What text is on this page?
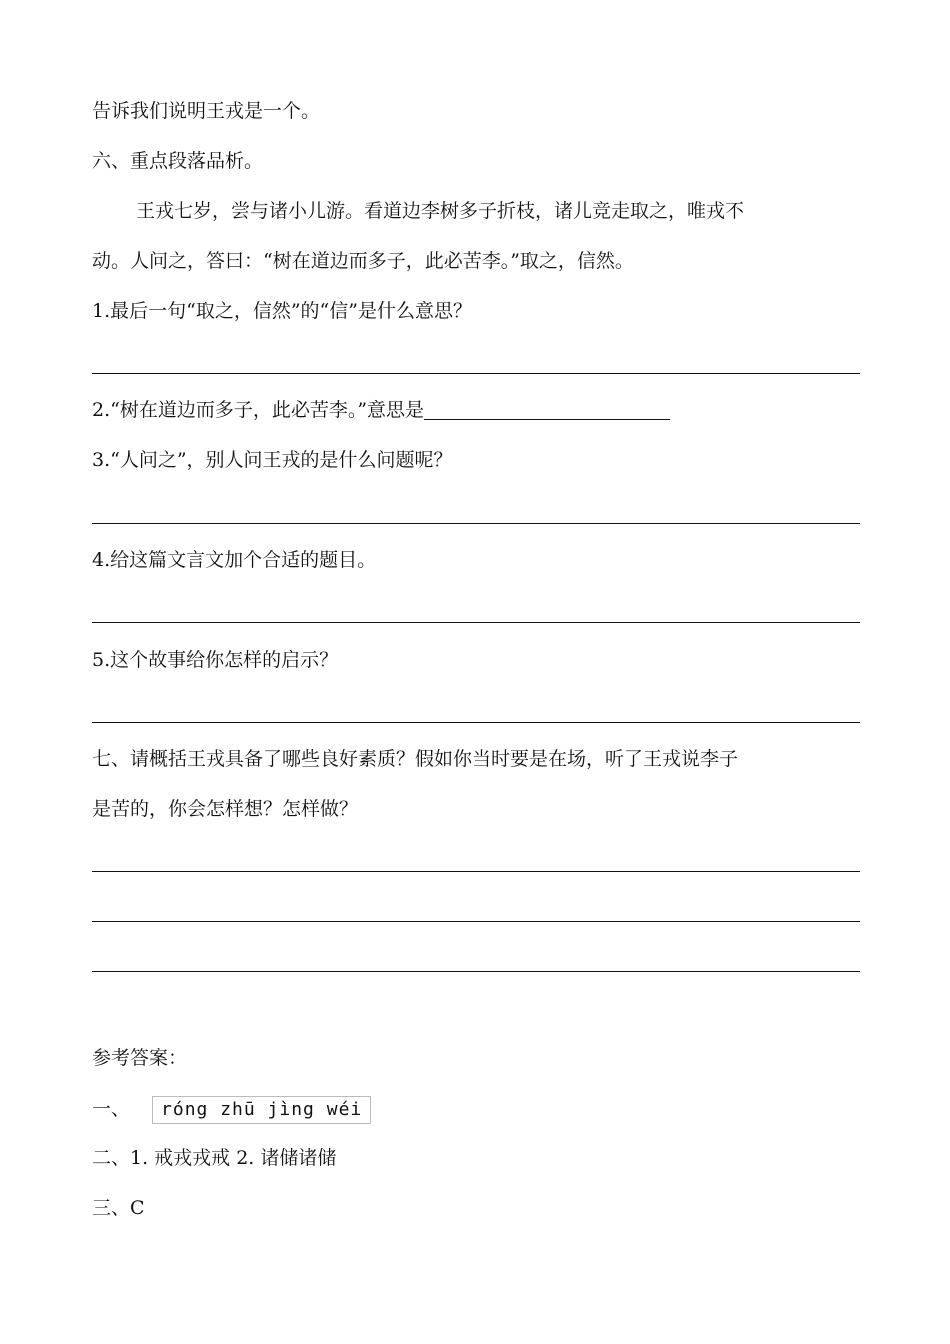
告诉我们说明王戎是一个。
六、重点段落品析。
王戎七岁，尝与诸小儿游。看道边李树多子折枝，诸儿竞走取之，唯戎不
动。人问之，答曰：“树在道边而多子，此必苦李。”取之，信然。
1.最后一句“取之，信然”的“信”是什么意思？
2.“树在道边而多子，此必苦李。”意思是
3.“人问之”，别人问王戎的是什么问题呢？
4.给这篇文言文加个合适的题目。
5.这个故事给你怎样的启示？
七、请概括王戎具备了哪些良好素质？假如你当时要是在场，听了王戎说李子
是苦的，你会怎样想？怎样做？
参考答案：
一、 róng zhū jìng wéi
二、1. 戒戎戎戒 2. 诸储诸储
三、C
